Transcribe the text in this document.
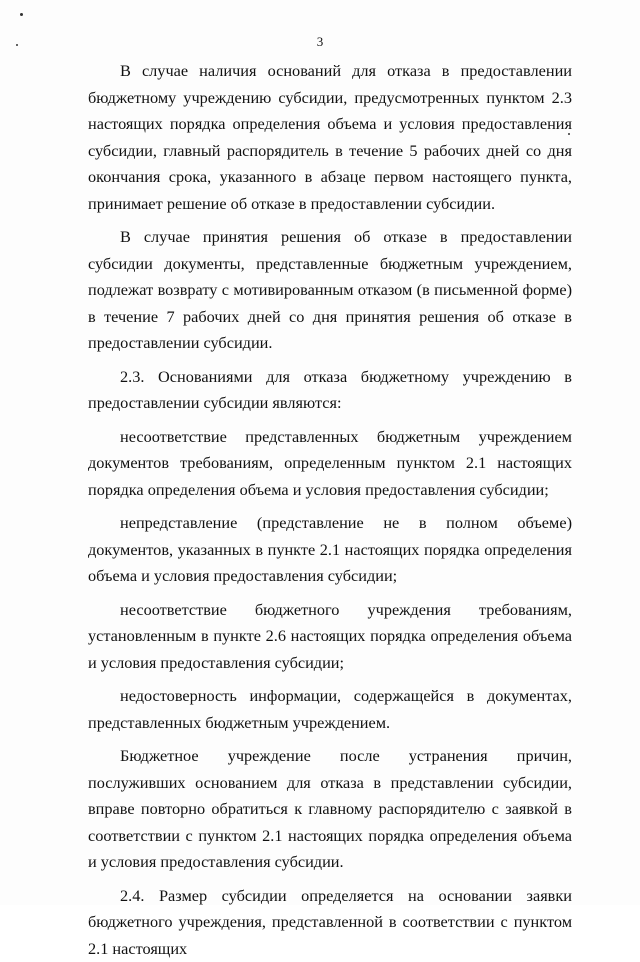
3

В случае наличия оснований для отказа в предоставлении бюджетному учреждению субсидии, предусмотренных пунктом 2.3 настоящих порядка определения объема и условия предоставления субсидии, главный распорядитель в течение 5 рабочих дней со дня окончания срока, указанного в абзаце первом настоящего пункта, принимает решение об отказе в предоставлении субсидии.

В случае принятия решения об отказе в предоставлении субсидии документы, представленные бюджетным учреждением, подлежат возврату с мотивированным отказом (в письменной форме) в течение 7 рабочих дней со дня принятия решения об отказе в предоставлении субсидии.

2.3. Основаниями для отказа бюджетному учреждению в предоставлении субсидии являются:

несоответствие представленных бюджетным учреждением документов требованиям, определенным пунктом 2.1 настоящих порядка определения объема и условия предоставления субсидии;

непредставление (представление не в полном объеме) документов, указанных в пункте 2.1 настоящих порядка определения объема и условия предоставления субсидии;

несоответствие бюджетного учреждения требованиям, установленным в пункте 2.6 настоящих порядка определения объема и условия предоставления субсидии;

недостоверность информации, содержащейся в документах, представленных бюджетным учреждением.

Бюджетное учреждение после устранения причин, послуживших основанием для отказа в представлении субсидии, вправе повторно обратиться к главному распорядителю с заявкой в соответствии с пунктом 2.1 настоящих порядка определения объема и условия предоставления субсидии.

2.4. Размер субсидии определяется на основании заявки бюджетного учреждения, представленной в соответствии с пунктом 2.1 настоящих
